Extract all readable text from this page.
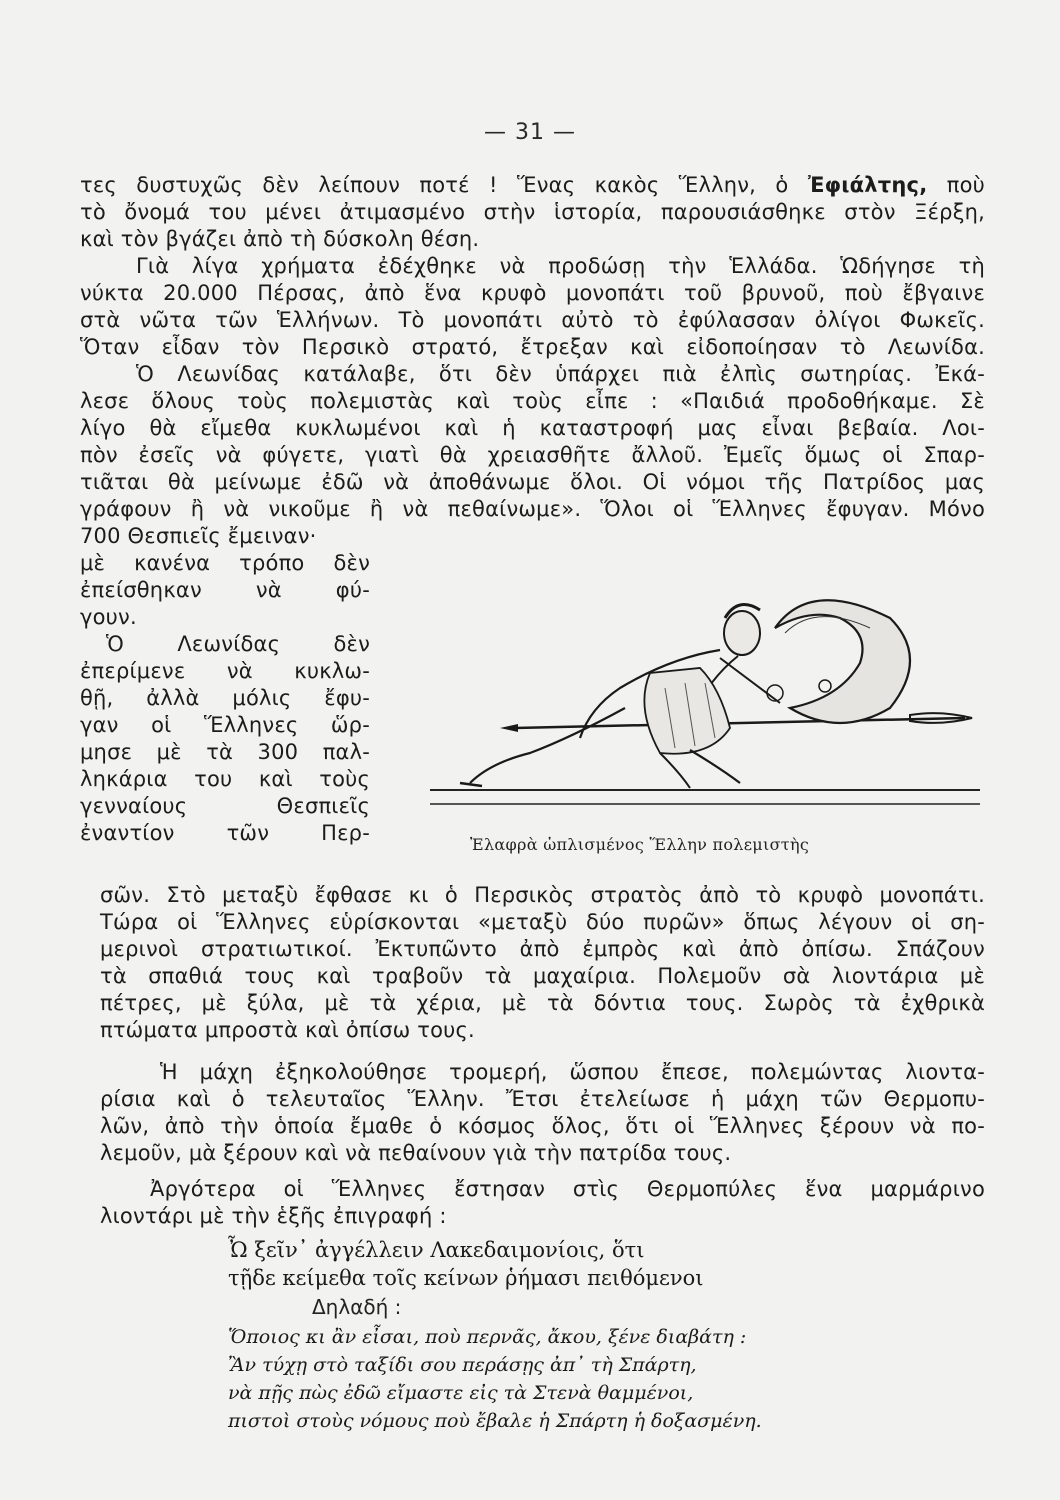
— 31 —
τες δυστυχῶς δὲν λείπουν ποτέ ! Ἕνας κακὸς Ἕλλην, ὁ Ἐφιάλτης, ποὺ
τὸ ὄνομά του μένει ἀτιμασμένο στὴν ἱστορία, παρουσιάσθηκε στὸν Ξέρξη,
καὶ τὸν βγάζει ἀπὸ τὴ δύσκολη θέση.
Γιὰ λίγα χρήματα ἐδέχθηκε νὰ προδώσῃ τὴν Ἑλλάδα. Ὡδήγησε τὴ
νύκτα 20.000 Πέρσας, ἀπὸ ἕνα κρυφὸ μονοπάτι τοῦ βρυνοῦ, ποὺ ἔβγαινε
στὰ νῶτα τῶν Ἑλλήνων. Τὸ μονοπάτι αὐτὸ τὸ ἐφύλασσαν ὀλίγοι Φωκεῖς.
Ὅταν εἶδαν τὸν Περσικὸ στρατό, ἔτρεξαν καὶ εἰδοποίησαν τὸ Λεωνίδα.
Ὁ Λεωνίδας κατάλαβε, ὅτι δὲν ὑπάρχει πιὰ ἐλπὶς σωτηρίας. Ἐκά-
λεσε ὅλους τοὺς πολεμιστὰς καὶ τοὺς εἶπε : «Παιδιά προδοθήκαμε. Σὲ
λίγο θὰ εἴμεθα κυκλωμένοι καὶ ἡ καταστροφή μας εἶναι βεβαία. Λοι-
πὸν ἐσεῖς νὰ φύγετε, γιατὶ θὰ χρειασθῆτε ἄλλοῦ. Ἐμεῖς ὅμως οἱ Σπαρ-
τιᾶται θὰ μείνωμε ἐδῶ νὰ ἀποθάνωμε ὅλοι. Οἱ νόμοι τῆς Πατρίδος μας
γράφουν ἢ νὰ νικοῦμε ἢ νὰ πεθαίνωμε». Ὅλοι οἱ Ἕλληνες ἔφυγαν. Μόνο
700 Θεσπιεῖς ἔμειναν·
μὲ κανένα τρόπο δὲν
ἐπείσθηκαν νὰ φύ-
γουν.
Ὁ Λεωνίδας δὲν
ἐπερίμενε νὰ κυκλω-
θῇ, ἀλλὰ μόλις ἔφυ-
γαν οἱ Ἕλληνες ὥρ-
μησε μὲ τὰ 300 παλ-
ληκάρια του καὶ τοὺς
γενναίους Θεσπιεῖς
ἐναντίον τῶν Περ-	Ἐλαφρὰ ὡπλισμένος Ἕλλην πολεμιστὴς
σῶν. Στὸ μεταξὺ ἔφθασε κι ὁ Περσικὸς στρατὸς ἀπὸ τὸ κρυφὸ μονοπάτι.
Τώρα οἱ Ἕλληνες εὑρίσκονται «μεταξὺ δύο πυρῶν» ὅπως λέγουν οἱ ση-
μερινοὶ στρατιωτικοί. Ἐκτυπῶντο ἀπὸ ἐμπρὸς καὶ ἀπὸ ὀπίσω. Σπάζουν
τὰ σπαθιά τους καὶ τραβοῦν τὰ μαχαίρια. Πολεμοῦν σὰ λιοντάρια μὲ
πέτρες, μὲ ξύλα, μὲ τὰ χέρια, μὲ τὰ δόντια τους. Σωρὸς τὰ ἐχθρικὰ
πτώματα μπροστὰ καὶ ὀπίσω τους.
Ἡ μάχη ἐξηκολούθησε τρομερή, ὥσπου ἔπεσε, πολεμώντας λιοντα-
ρίσια καὶ ὁ τελευταῖος Ἕλλην. Ἔτσι ἐτελείωσε ἡ μάχη τῶν Θερμοπυ-
λῶν, ἀπὸ τὴν ὁποία ἔμαθε ὁ κόσμος ὅλος, ὅτι οἱ Ἕλληνες ξέρουν νὰ πο-
λεμοῦν, μὰ ξέρουν καὶ νὰ πεθαίνουν γιὰ τὴν πατρίδα τους.
Ἀργότερα οἱ Ἕλληνες ἔστησαν στὶς Θερμοπύλες ἕνα μαρμάρινο
λιοντάρι μὲ τὴν ἑξῆς ἐπιγραφή :
Ὦ ξεῖν᾽ ἀγγέλλειν Λακεδαιμονίοις, ὅτι
τῇδε κείμεθα τοῖς κείνων ῥήμασι πειθόμενοι
Δηλαδή :
Ὅποιος κι ἂν εἶσαι, ποὺ περνᾶς, ἄκου, ξένε διαβάτη :
Ἂν τύχῃ στὸ ταξίδι σου περάσῃς ἀπ᾽ τὴ Σπάρτη,
νὰ πῇς πὼς ἐδῶ εἴμαστε εἰς τὰ Στενὰ θαμμένοι,
πιστοὶ στοὺς νόμους ποὺ ἔβαλε ἡ Σπάρτη ἡ δοξασμένη.
